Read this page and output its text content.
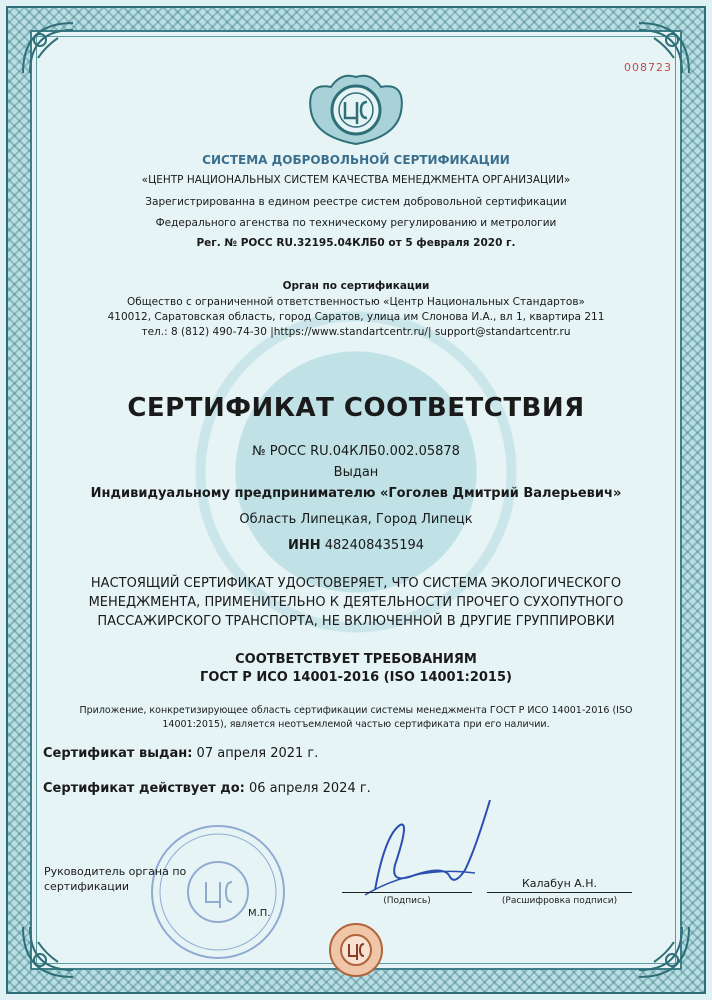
008723
СИСТЕМА ДОБРОВОЛЬНОЙ СЕРТИФИКАЦИИ
«ЦЕНТР НАЦИОНАЛЬНЫХ СИСТЕМ КАЧЕСТВА МЕНЕДЖМЕНТА ОРГАНИЗАЦИИ»
Зарегистрированна в едином реестре систем добровольной сертификации
Федерального агенства по техническому регулированию и метрологии
Рег. № РОСС RU.32195.04КЛБ0 от 5 февраля 2020 г.
Орган по сертификации
Общество с ограниченной ответственностью «Центр Национальных Стандартов»
410012, Саратовская область, город Саратов, улица им Слонова И.А., вл 1, квартира 211
тел.: 8 (812) 490-74-30 |https://www.standartcentr.ru/| support@standartcentr.ru
СЕРТИФИКАТ СООТВЕТСТВИЯ
№ РОСС RU.04КЛБ0.002.05878
Выдан
Индивидуальному предпринимателю «Гоголев Дмитрий Валерьевич»
Область Липецкая, Город Липецк
ИНН 482408435194
НАСТОЯЩИЙ СЕРТИФИКАТ УДОСТОВЕРЯЕТ, ЧТО СИСТЕМА ЭКОЛОГИЧЕСКОГО
МЕНЕДЖМЕНТА, ПРИМЕНИТЕЛЬНО К ДЕЯТЕЛЬНОСТИ ПРОЧЕГО СУХОПУТНОГО
ПАССАЖИРСКОГО ТРАНСПОРТА, НЕ ВКЛЮЧЕННОЙ В ДРУГИЕ ГРУППИРОВКИ
СООТВЕТСТВУЕТ ТРЕБОВАНИЯМ
ГОСТ Р ИСО 14001-2016 (ISO 14001:2015)
Приложение, конкретизирующее область сертификации системы менеджмента ГОСТ Р ИСО 14001-2016 (ISO
14001:2015), является неотъемлемой частью сертификата при его наличии.
Сертификат выдан: 07 апреля 2021 г.
Сертификат действует до: 06 апреля 2024 г.
Руководитель органа по
сертификации
М.П.
(Подпись)
Калабун А.Н.
(Расшифровка подписи)
